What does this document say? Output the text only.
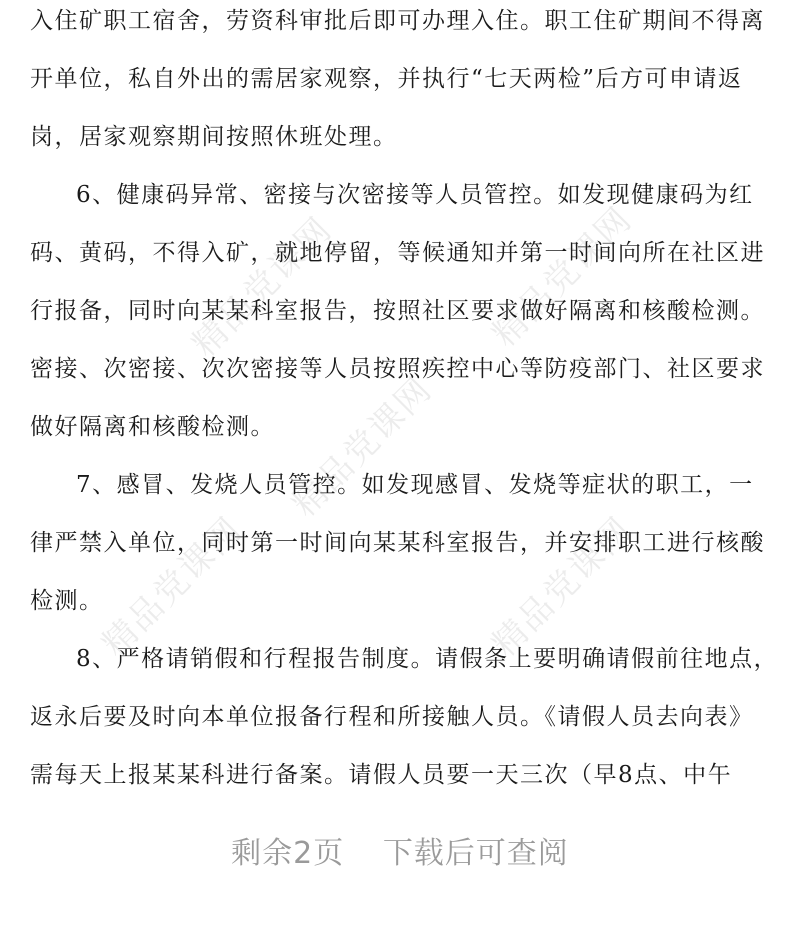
精品党课网	精品党课网
精品党课网
精品党课网	精品党课网
入住矿职工宿舍，劳资科审批后即可办理入住。职工住矿期间不得离
开单位，私自外出的需居家观察，并执行“七天两检”后方可申请返
岗，居家观察期间按照休班处理。
6、健康码异常、密接与次密接等人员管控。如发现健康码为红
码、黄码，不得入矿，就地停留，等候通知并第一时间向所在社区进
行报备，同时向某某科室报告，按照社区要求做好隔离和核酸检测。
密接、次密接、次次密接等人员按照疾控中心等防疫部门、社区要求
做好隔离和核酸检测。
7、感冒、发烧人员管控。如发现感冒、发烧等症状的职工，一
律严禁入单位，同时第一时间向某某科室报告，并安排职工进行核酸
检测。
8、严格请销假和行程报告制度。请假条上要明确请假前往地点，
返永后要及时向本单位报备行程和所接触人员。《请假人员去向表》
需每天上报某某科进行备案。请假人员要一天三次（早8点、中午
剩余2页 下载后可查阅
